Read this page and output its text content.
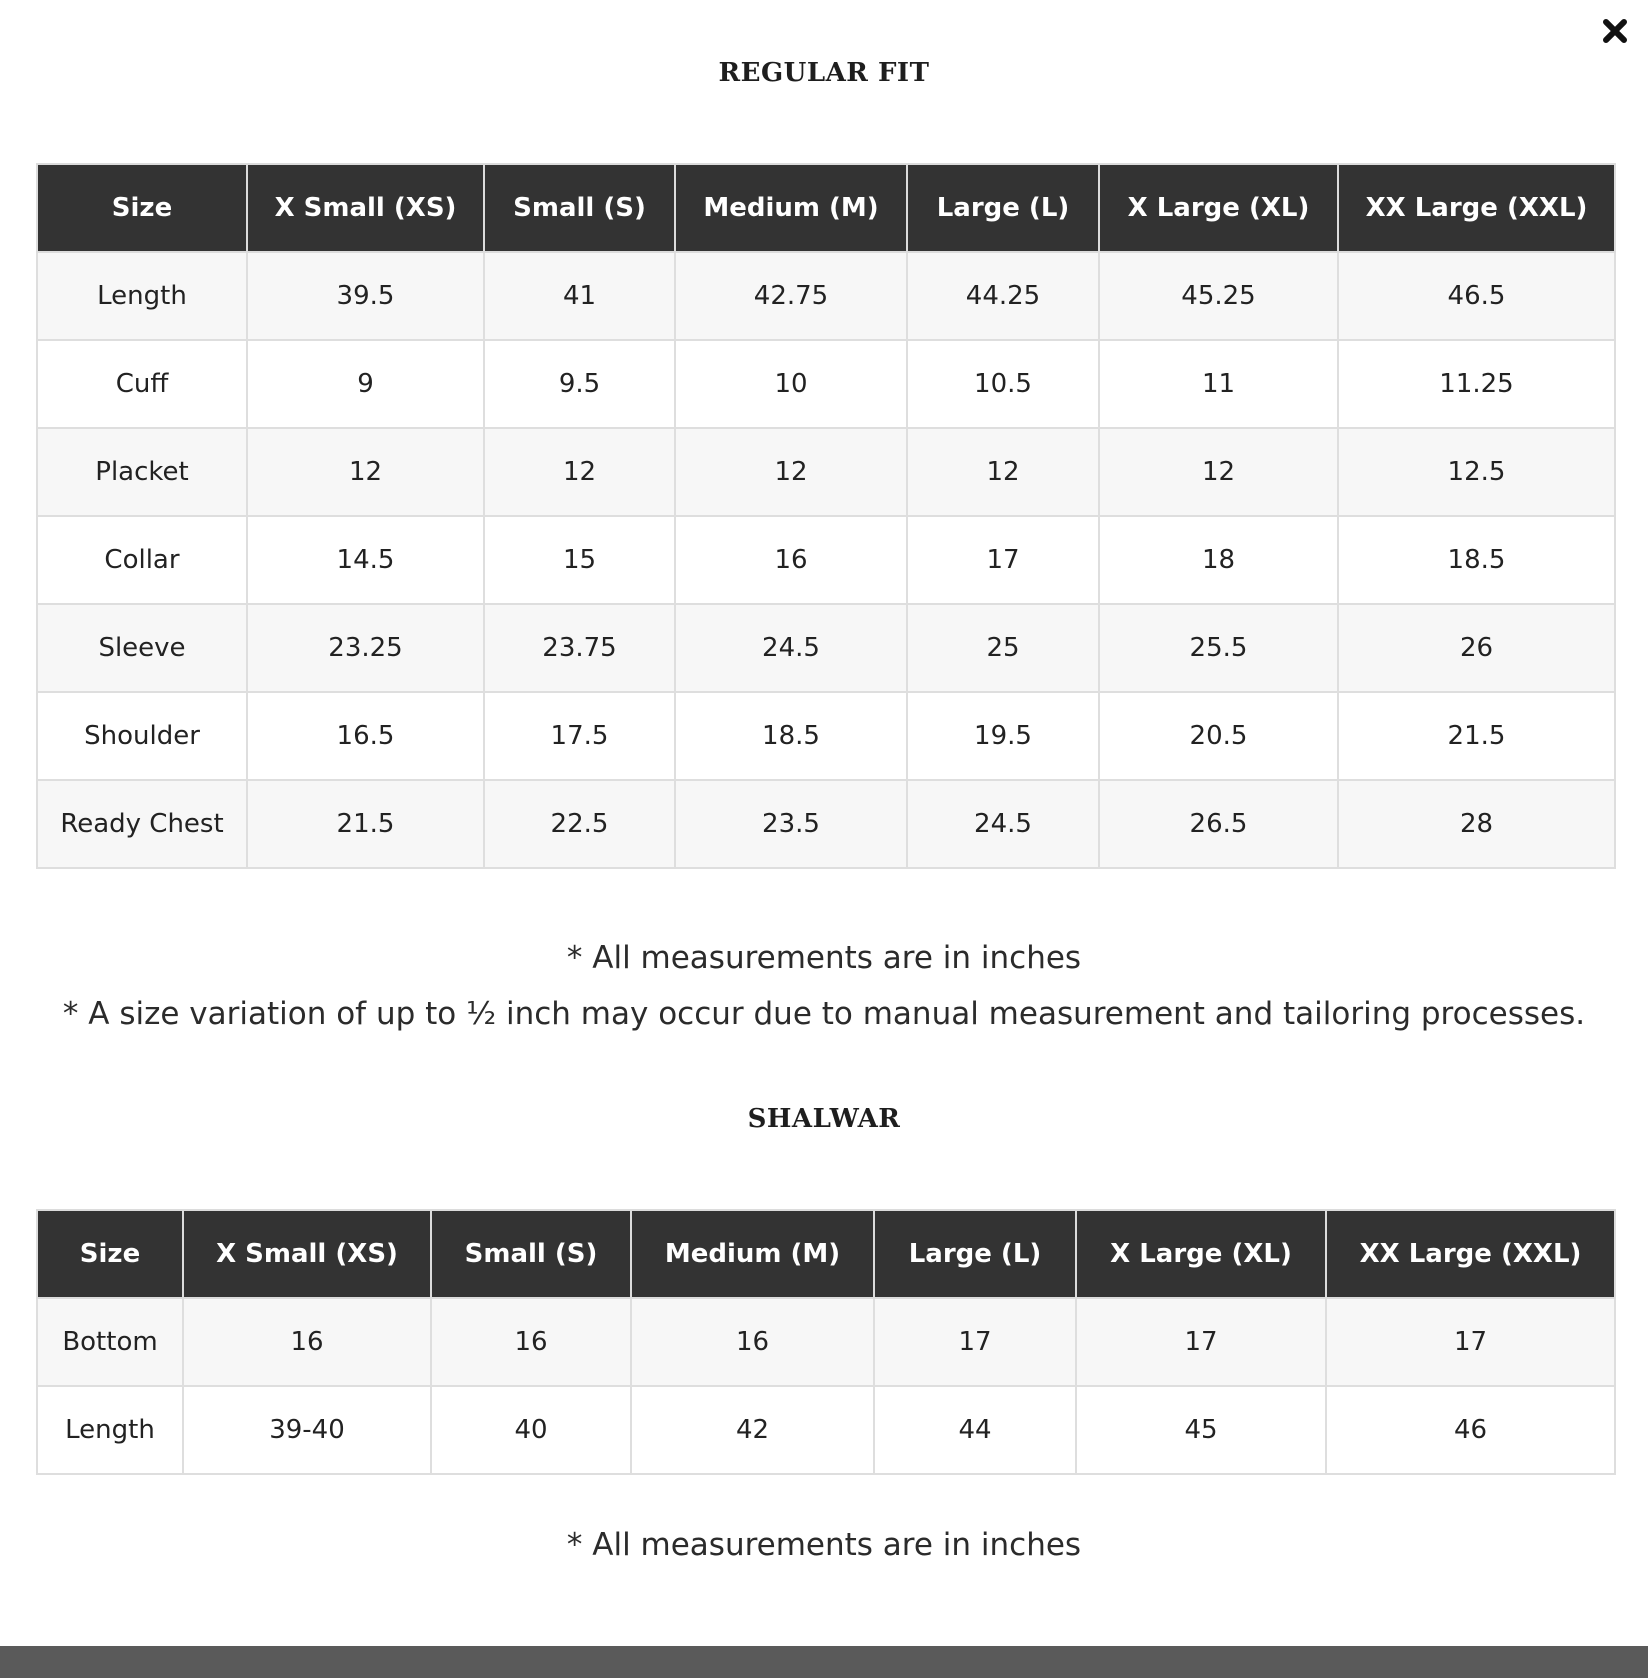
REGULAR FIT
Size	X Small (XS)	Small (S)	Medium (M)	Large (L)	X Large (XL)	XX Large (XXL)
Length	39.5	41	42.75	44.25	45.25	46.5
Cuff	9	9.5	10	10.5	11	11.25
Placket	12	12	12	12	12	12.5
Collar	14.5	15	16	17	18	18.5
Sleeve	23.25	23.75	24.5	25	25.5	26
Shoulder	16.5	17.5	18.5	19.5	20.5	21.5
Ready Chest	21.5	22.5	23.5	24.5	26.5	28

* All measurements are in inches

* A size variation of up to ½ inch may occur due to manual measurement and tailoring processes.

SHALWAR
Size	X Small (XS)	Small (S)	Medium (M)	Large (L)	X Large (XL)	XX Large (XXL)
Bottom	16	16	16	17	17	17
Length	39-40	40	42	44	45	46

* All measurements are in inches
